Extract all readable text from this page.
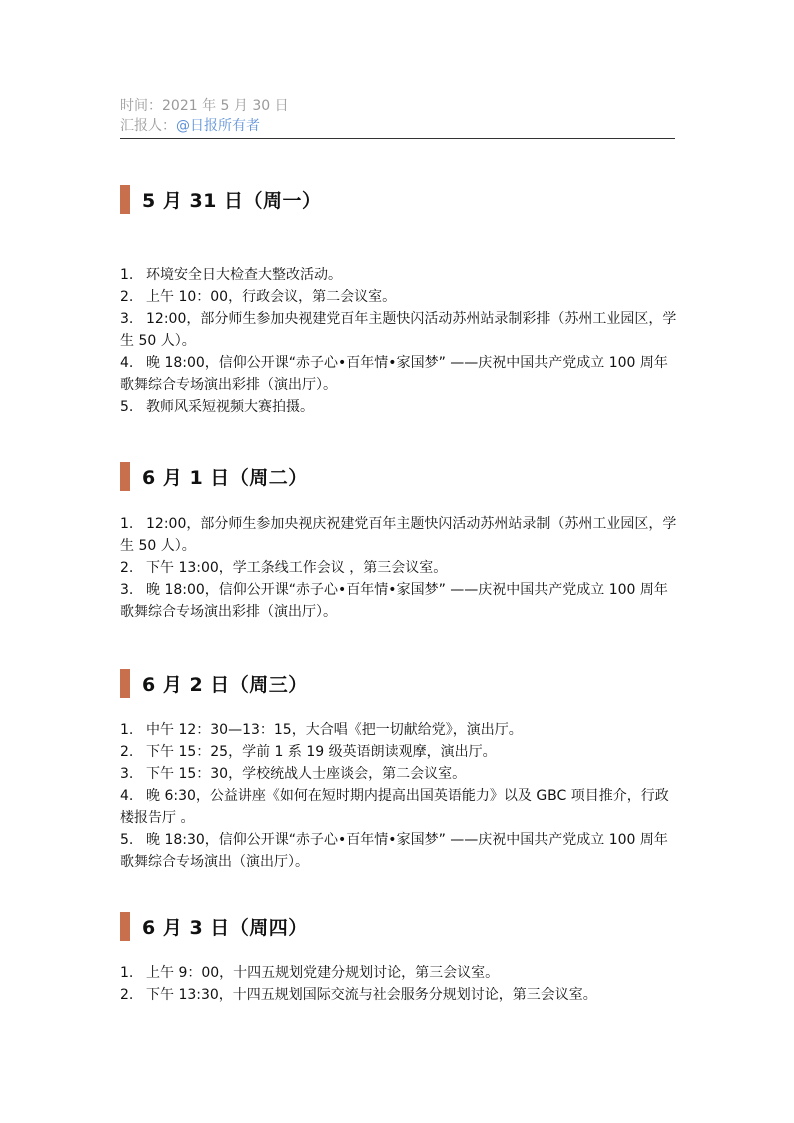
时间：2021 年 5 月 30 日
汇报人：@日报所有者
5 月 31 日（周一）
1. 环境安全日大检查大整改活动。
2. 上午 10：00，行政会议，第二会议室。
3. 12:00，部分师生参加央视建党百年主题快闪活动苏州站录制彩排（苏州工业园区，学生 50 人）。
4. 晚 18:00，信仰公开课“赤子心•百年情•家国梦” ——庆祝中国共产党成立 100 周年歌舞综合专场演出彩排（演出厅）。
5. 教师风采短视频大赛拍摄。
6 月 1 日（周二）
1. 12:00，部分师生参加央视庆祝建党百年主题快闪活动苏州站录制（苏州工业园区，学生 50 人）。
2. 下午 13:00，学工条线工作会议 ，第三会议室。
3. 晚 18:00，信仰公开课“赤子心•百年情•家国梦” ——庆祝中国共产党成立 100 周年歌舞综合专场演出彩排（演出厅）。
6 月 2 日（周三）
1. 中午 12：30—13：15，大合唱《把一切献给党》，演出厅。
2. 下午 15：25，学前 1 系 19 级英语朗读观摩，演出厅。
3. 下午 15：30，学校统战人士座谈会，第二会议室。
4. 晚 6:30，公益讲座《如何在短时期内提高出国英语能力》以及 GBC 项目推介，行政楼报告厅 。
5. 晚 18:30，信仰公开课“赤子心•百年情•家国梦” ——庆祝中国共产党成立 100 周年歌舞综合专场演出（演出厅）。
6 月 3 日（周四）
1. 上午 9：00，十四五规划党建分规划讨论，第三会议室。
2. 下午 13:30，十四五规划国际交流与社会服务分规划讨论，第三会议室。
